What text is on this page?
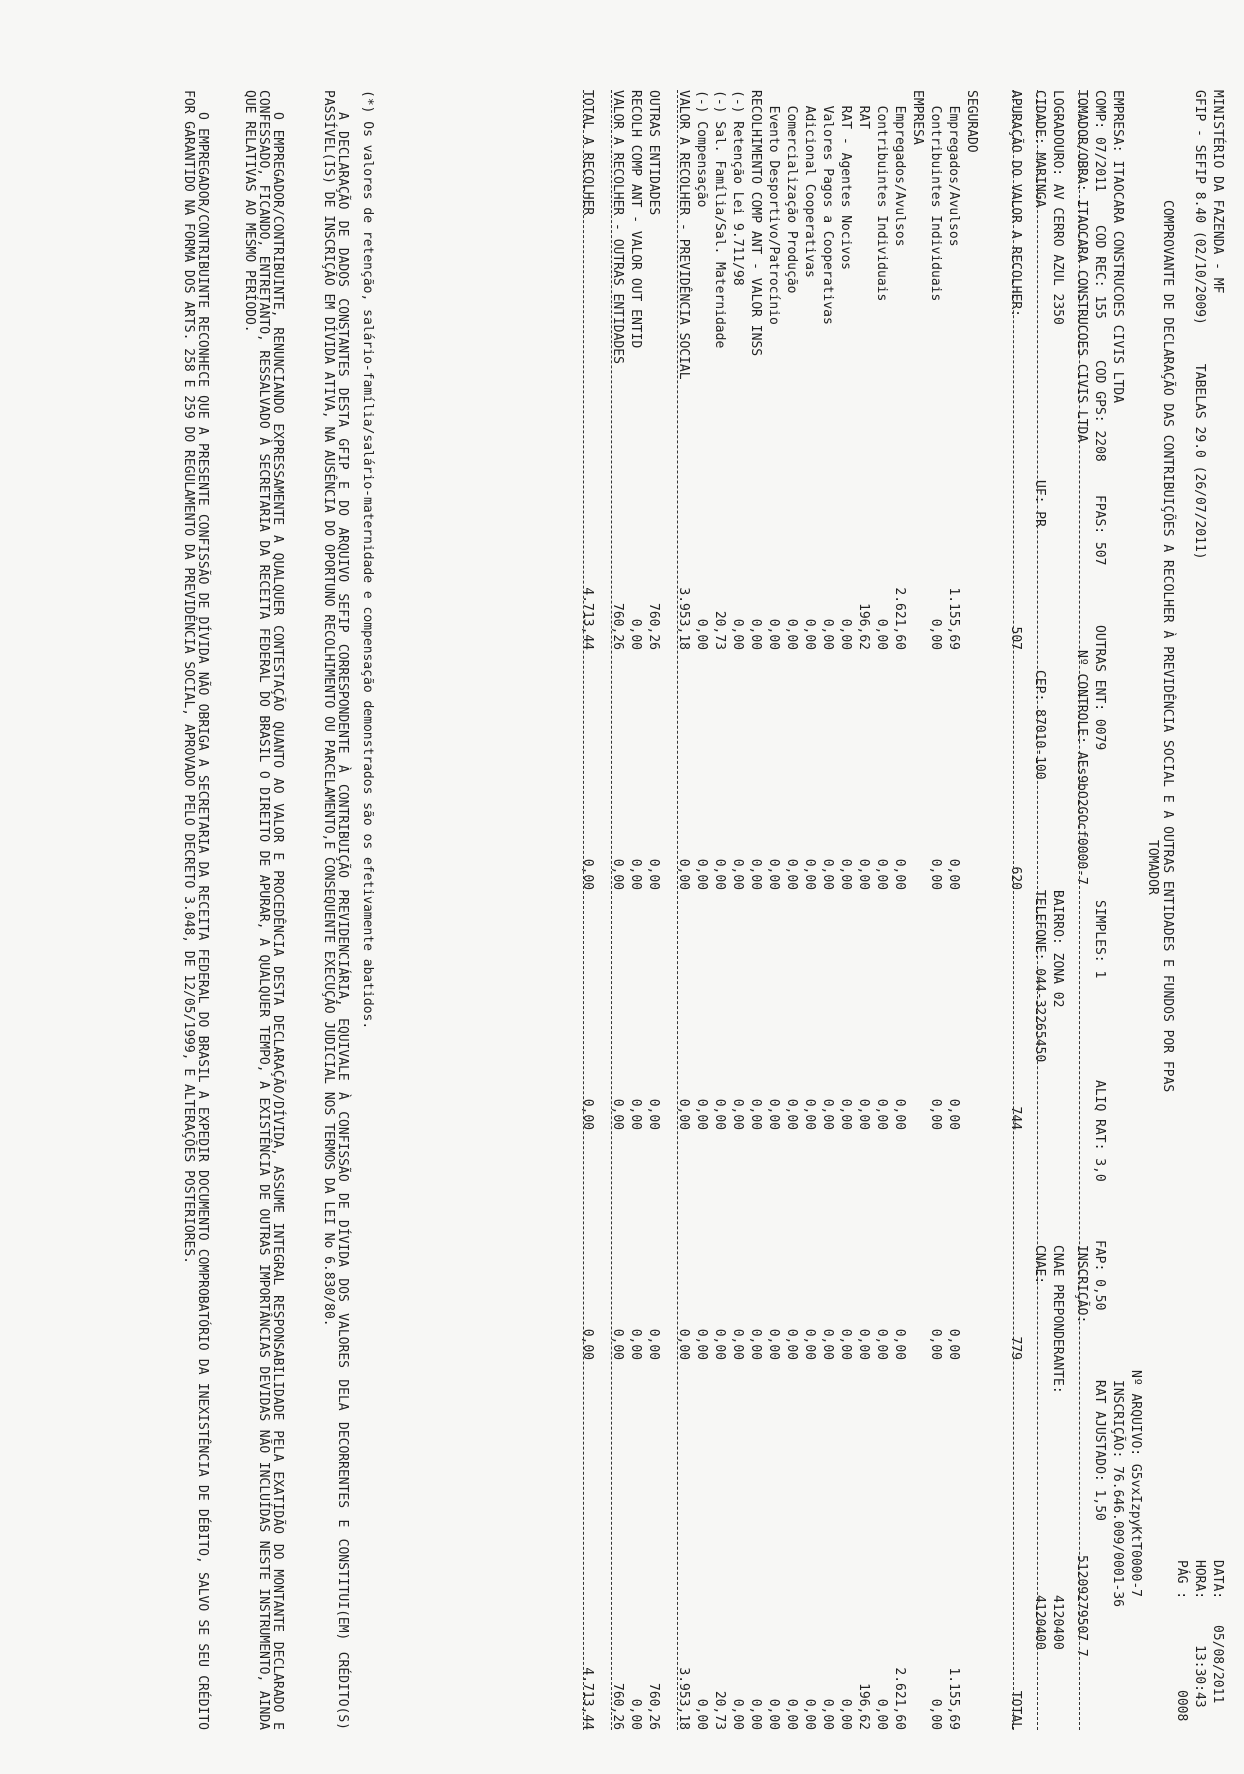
MINISTÉRIO DA FAZENDA - MF
GFIP - SEFIP 8.40 (02/10/2009)     TABELAS 29.0 (26/07/2011)
DATA:
05/08/2011
HORA:
13:30:43
PÁG :
0008
COMPROVANTE DE DECLARAÇÃO DAS CONTRIBUIÇÕES A RECOLHER À PREVIDÊNCIA SOCIAL E A OUTRAS ENTIDADES E FUNDOS POR FPAS
TOMADOR
Nº ARQUIVO: G5vxIzpyKtT0000-7
EMPRESA: ITAOCARA CONSTRUCOES CIVIS LTDA
INSCRIÇÃO: 76.646.009/0001-36
COMP: 07/2011
COD REC: 155
COD GPS: 2208
FPAS: 507
OUTRAS ENT: 0079
SIMPLES: 1
ALIQ RAT: 3,0
FAP: 0,50
RAT AJUSTADO: 1,50
TOMADOR/OBRA: ITAOCARA CONSTRUCOES CIVIS LTDA
Nº CONTROLE: AEs9bO2GOcf0000-7
INSCRIÇÃO:
51209279507 7
LOGRADOURO: AV CERRO AZUL 2350
BAIRRO: ZONA 02
CNAE PREPONDERANTE:
4120400
CIDADE: MARINGA
UF: PR
CEP: 87010-100
TELEFONE: 044-32265450
CNAE:
4120400
APURAÇÃO DO VALOR A RECOLHER:
507
620
744
779
TOTAL
SEGURADO
EMPRESA Empregados/Avulsos
1.155,69
0,00
0,00
0,00
1.155,69
Contribuintes Individuais
0,00
0,00
0,00
0,00
0,00
Empregados/Avulsos
2.621,60
0,00
0,00
0,00
2.621,60
Contribuintes Individuais
0,00
0,00
0,00
0,00
0,00
RAT
196,62
0,00
0,00
0,00
196,62
RAT - Agentes Nocivos
0,00
0,00
0,00
0,00
0,00
Valores Pagos a Cooperativas
0,00
0,00
0,00
0,00
0,00
Adicional Cooperativas
0,00
0,00
0,00
0,00
0,00
Comercialização Produção
0,00
0,00
0,00
0,00
0,00
Evento Desportivo/Patrocínio
0,00
0,00
0,00
0,00
0,00
RECOLHIMENTO COMP ANT - VALOR INSS
0,00
0,00
0,00
0,00
0,00
(-) Retenção Lei 9.711/98
0,00
0,00
0,00
0,00
0,00
(-) Sal. Família/Sal. Maternidade
20,73
0,00
0,00
0,00
20,73
(-) Compensação
0,00
0,00
0,00
0,00
0,00
VALOR A RECOLHER - PREVIDÊNCIA SOCIAL
3.953,18
0,00
0,00
0,00
3.953,18
OUTRAS ENTIDADES
760,26
0,00
0,00
0,00
760,26
RECOLH COMP ANT - VALOR OUT ENTID
0,00
0,00
0,00
0,00
0,00
VALOR A RECOLHER - OUTRAS ENTIDADES
760,26
0,00
0,00
0,00
760,26
TOTAL A RECOLHER
4.713,44
0,00
0,00
0,00
4.713,44
(*) Os valores de retenção, salário-família/salário-maternidade e compensação demonstrados são os efetivamente abatidos.
A DECLARAÇÃO DE DADOS CONSTANTES DESTA GFIP E DO ARQUIVO SEFIP CORRESPONDENTE À CONTRIBUIÇÃO PREVIDENCIÁRIA, EQUIVALE À CONFISSÃO DE DÍVIDA DOS VALORES DELA DECORRENTES E CONSTITUI(EM) CRÉDITO(S) PASSÍVEL(IS) DE INSCRIÇÃO EM DÍVIDA ATIVA, NA AUSÊNCIA DO OPORTUNO RECOLHIMENTO OU PARCELAMENTO,E CONSEQUENTE EXECUÇÃO JUDICIAL NOS TERMOS DA LEI No 6.830/80.
O EMPREGADOR/CONTRIBUINTE, RENUNCIANDO EXPRESSAMENTE A QUALQUER CONTESTAÇÃO QUANTO AO VALOR E PROCEDÊNCIA DESTA DECLARAÇÃO/DÍVIDA, ASSUME INTEGRAL RESPONSABILIDADE PELA EXATIDÃO DO MONTANTE DECLARADO E CONFESSADO, FICANDO, ENTRETANTO, RESSALVADO À SECRETARIA DA RECEITA FEDERAL DO BRASIL O DIREITO DE APURAR, A QUALQUER TEMPO, A EXISTÊNCIA DE OUTRAS IMPORTÂNCIAS DEVIDAS NÃO INCLUÍDAS NESTE INSTRUMENTO, AINDA QUE RELATIVAS AO MESMO PERÍODO.
O EMPREGADOR/CONTRIBUINTE RECONHECE QUE A PRESENTE CONFISSÃO DE DÍVIDA NÃO OBRIGA A SECRETARIA DA RECEITA FEDERAL DO BRASIL A EXPEDIR DOCUMENTO COMPROBATÓRIO DA INEXISTÊNCIA DE DÉBITO, SALVO SE SEU CRÉDITO FOR GARANTIDO NA FORMA DOS ARTS. 258 E 259 DO REGULAMENTO DA PREVIDÊNCIA SOCIAL, APROVADO PELO DECRETO 3.048, DE 12/05/1999, E ALTERAÇÕES POSTERIORES.
